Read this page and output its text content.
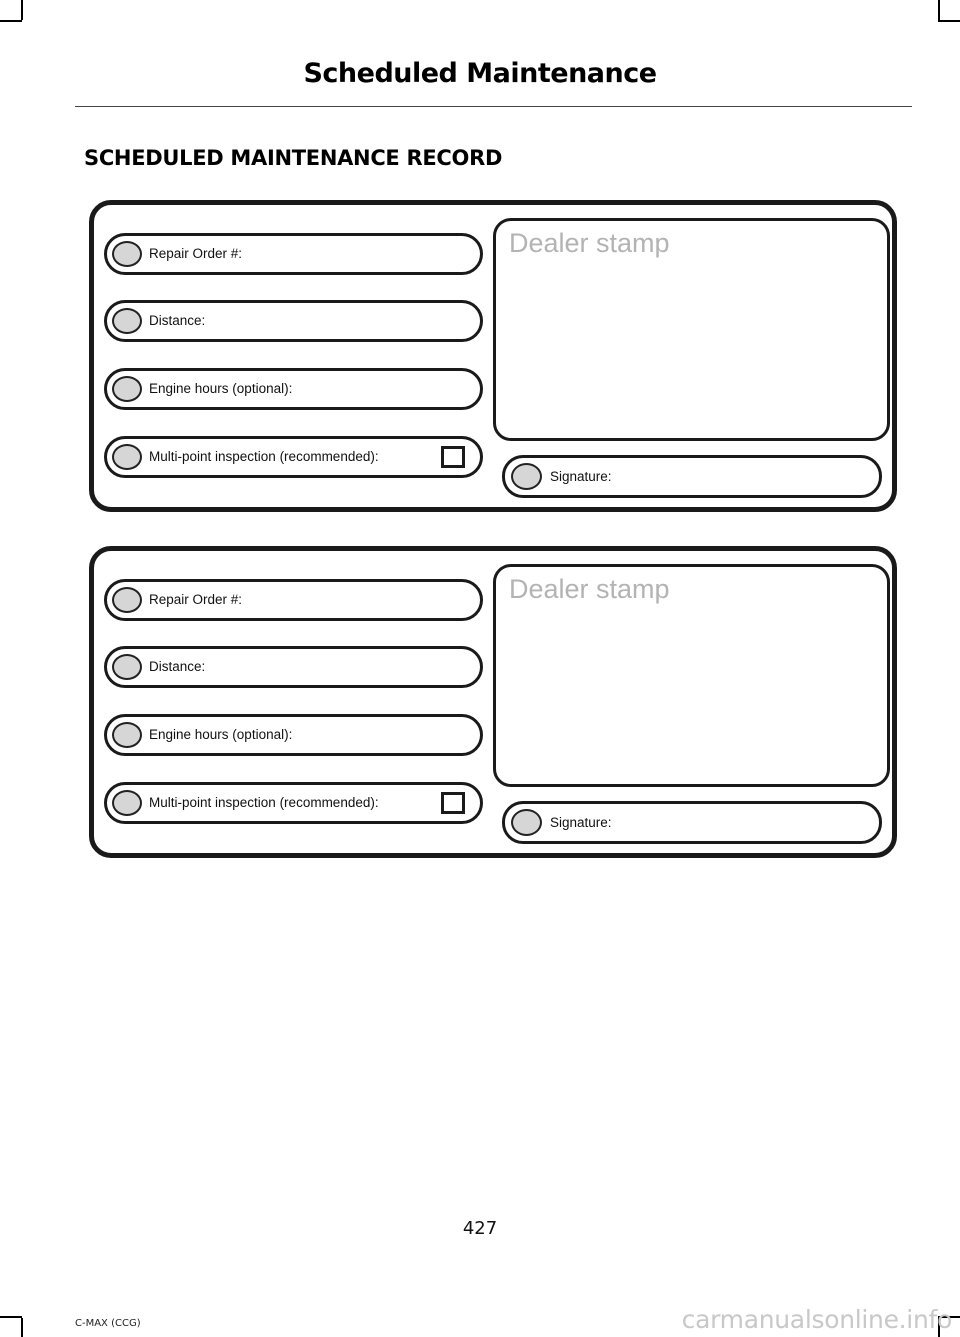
Scheduled Maintenance
SCHEDULED MAINTENANCE RECORD
Repair Order #:
Distance:
Engine hours (optional):
Multi-point inspection (recommended):
Dealer stamp
Signature:
Repair Order #:
Distance:
Engine hours (optional):
Multi-point inspection (recommended):
Dealer stamp
Signature:
427
C-MAX (CCG)	carmanualsonline.info
